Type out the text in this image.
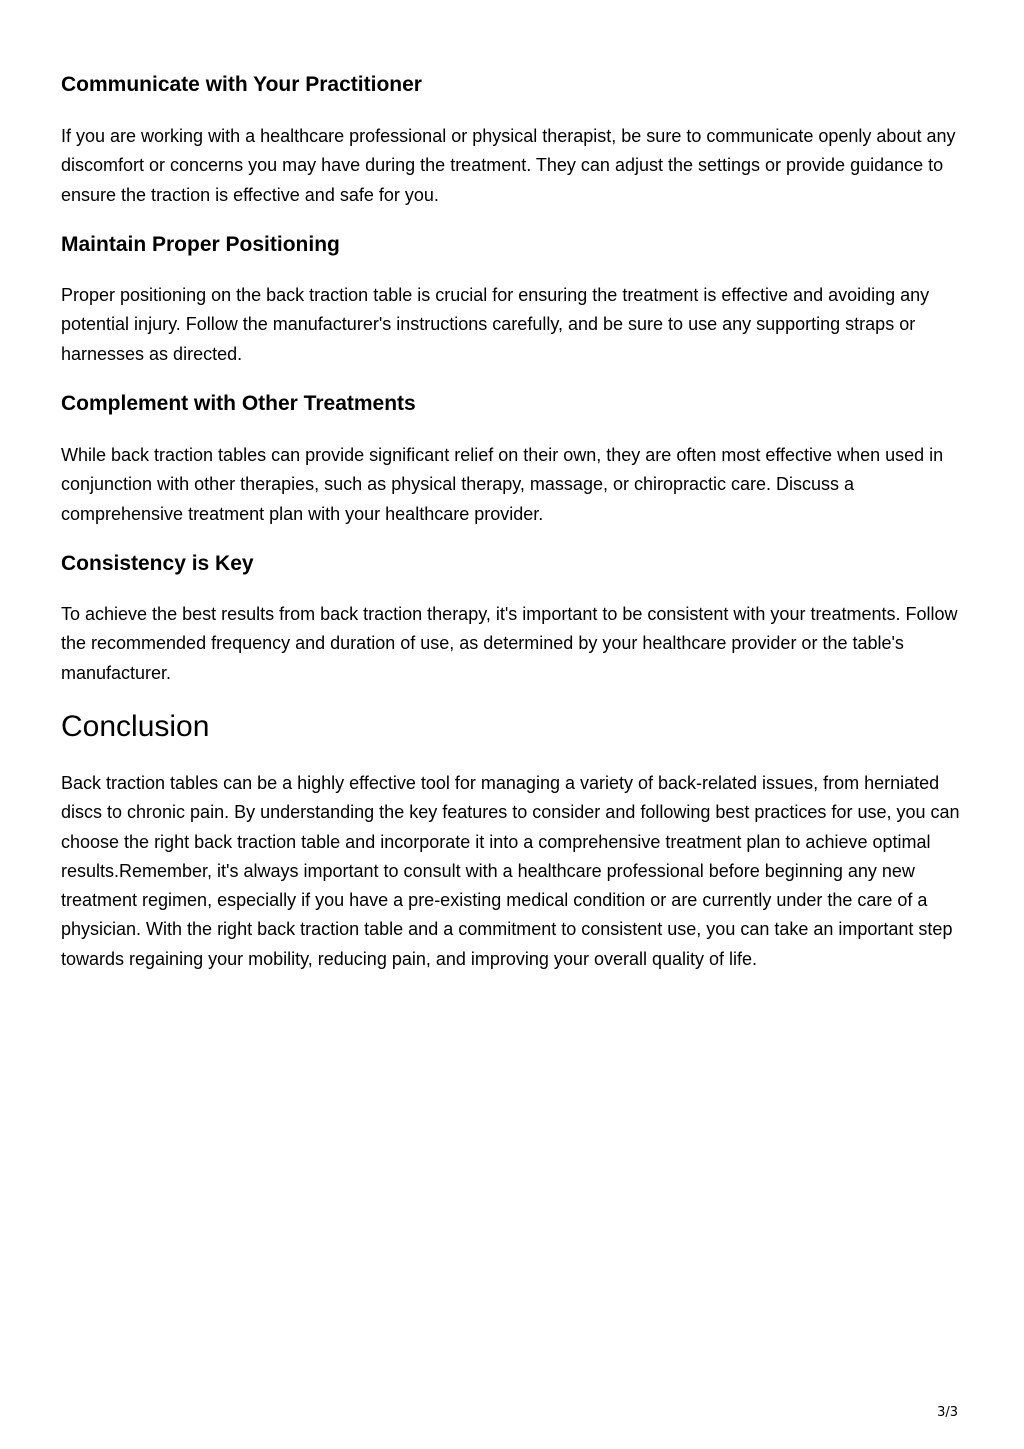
Communicate with Your Practitioner

If you are working with a healthcare professional or physical therapist, be sure to communicate openly about any discomfort or concerns you may have during the treatment. They can adjust the settings or provide guidance to ensure the traction is effective and safe for you.

Maintain Proper Positioning

Proper positioning on the back traction table is crucial for ensuring the treatment is effective and avoiding any potential injury. Follow the manufacturer's instructions carefully, and be sure to use any supporting straps or harnesses as directed.

Complement with Other Treatments

While back traction tables can provide significant relief on their own, they are often most effective when used in conjunction with other therapies, such as physical therapy, massage, or chiropractic care. Discuss a comprehensive treatment plan with your healthcare provider.

Consistency is Key

To achieve the best results from back traction therapy, it's important to be consistent with your treatments. Follow the recommended frequency and duration of use, as determined by your healthcare provider or the table's manufacturer.

Conclusion

Back traction tables can be a highly effective tool for managing a variety of back-related issues, from herniated discs to chronic pain. By understanding the key features to consider and following best practices for use, you can choose the right back traction table and incorporate it into a comprehensive treatment plan to achieve optimal results.Remember, it's always important to consult with a healthcare professional before beginning any new treatment regimen, especially if you have a pre-existing medical condition or are currently under the care of a physician. With the right back traction table and a commitment to consistent use, you can take an important step towards regaining your mobility, reducing pain, and improving your overall quality of life.

3/3
